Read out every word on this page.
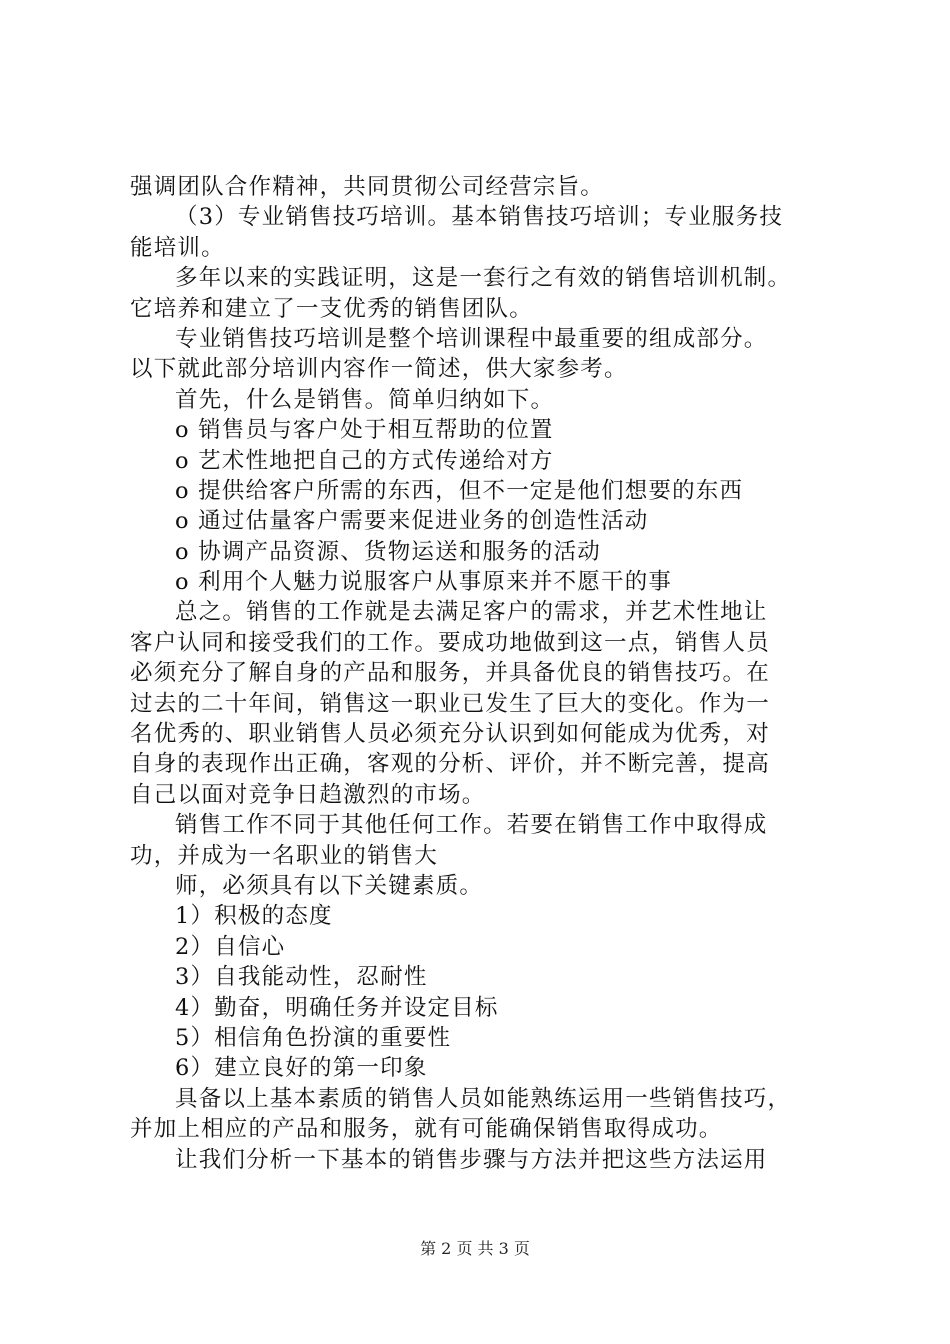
强调团队合作精神，共同贯彻公司经营宗旨。
（3）专业销售技巧培训。基本销售技巧培训；专业服务技
能培训。
多年以来的实践证明，这是一套行之有效的销售培训机制。
它培养和建立了一支优秀的销售团队。
专业销售技巧培训是整个培训课程中最重要的组成部分。
以下就此部分培训内容作一简述，供大家参考。
首先，什么是销售。简单归纳如下。
o 销售员与客户处于相互帮助的位置
o 艺术性地把自己的方式传递给对方
o 提供给客户所需的东西，但不一定是他们想要的东西
o 通过估量客户需要来促进业务的创造性活动
o 协调产品资源、货物运送和服务的活动
o 利用个人魅力说服客户从事原来并不愿干的事
总之。销售的工作就是去满足客户的需求，并艺术性地让
客户认同和接受我们的工作。要成功地做到这一点，销售人员
必须充分了解自身的产品和服务，并具备优良的销售技巧。在
过去的二十年间，销售这一职业已发生了巨大的变化。作为一
名优秀的、职业销售人员必须充分认识到如何能成为优秀，对
自身的表现作出正确，客观的分析、评价，并不断完善，提高
自己以面对竞争日趋激烈的市场。
销售工作不同于其他任何工作。若要在销售工作中取得成
功，并成为一名职业的销售大
师，必须具有以下关键素质。
1）积极的态度
2）自信心
3）自我能动性，忍耐性
4）勤奋，明确任务并设定目标
5）相信角色扮演的重要性
6）建立良好的第一印象
具备以上基本素质的销售人员如能熟练运用一些销售技巧，
并加上相应的产品和服务，就有可能确保销售取得成功。
让我们分析一下基本的销售步骤与方法并把这些方法运用
第 2 页 共 3 页
